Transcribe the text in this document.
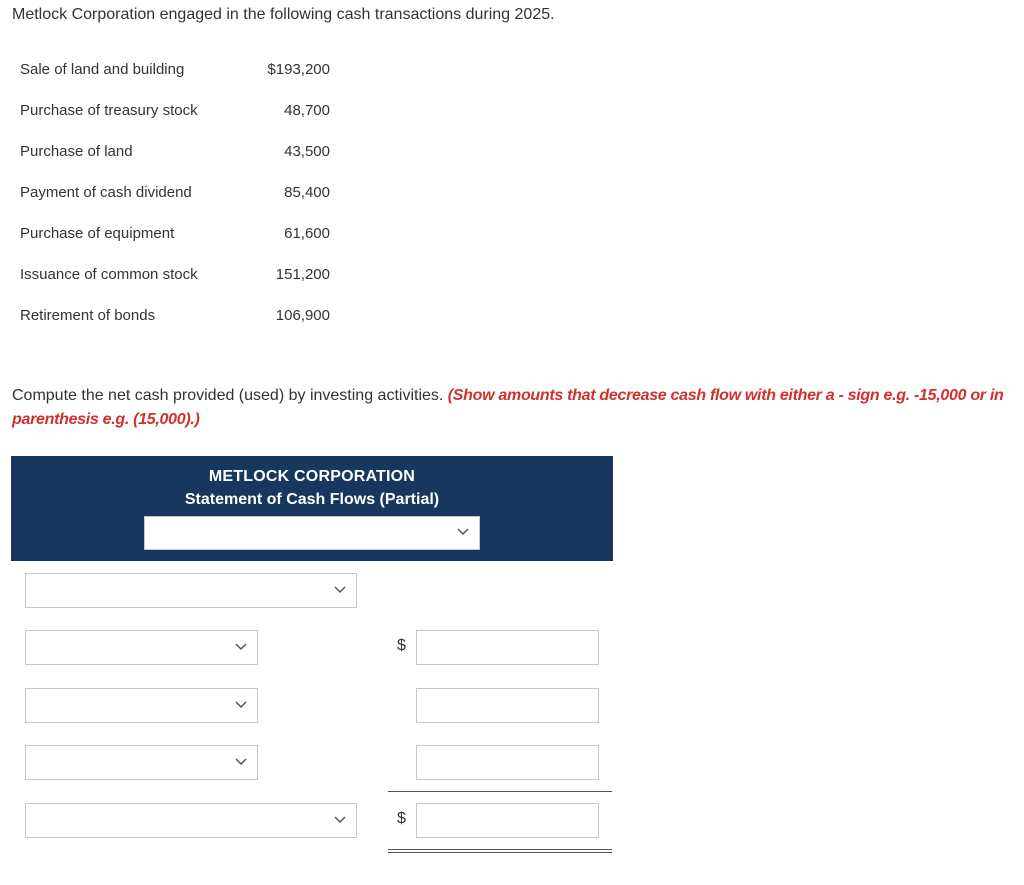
Metlock Corporation engaged in the following cash transactions during 2025.
Sale of land and building	$193,200
Purchase of treasury stock	48,700
Purchase of land	43,500
Payment of cash dividend	85,400
Purchase of equipment	61,600
Issuance of common stock	151,200
Retirement of bonds	106,900
Compute the net cash provided (used) by investing activities. (Show amounts that decrease cash flow with either a - sign e.g. -15,000 or in parenthesis e.g. (15,000).)
METLOCK CORPORATION
Statement of Cash Flows (Partial)
$
$
